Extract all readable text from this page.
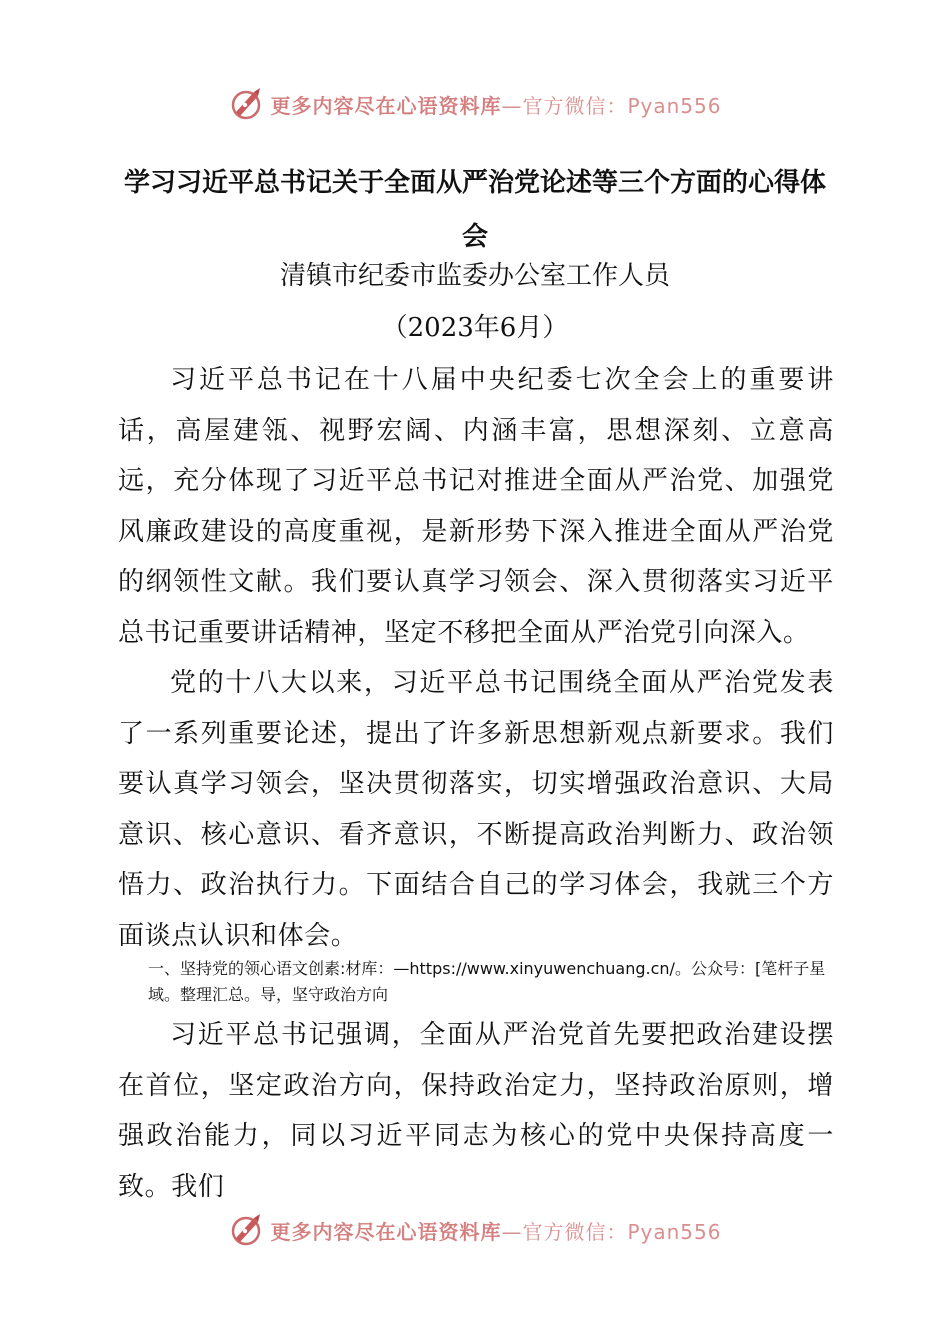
更多内容尽在心语资料库—官方微信：Pyan556
学习习近平总书记关于全面从严治党论述等三个方面的心得体会

清镇市纪委市监委办公室工作人员

（2023年6月）

习近平总书记在十八届中央纪委七次全会上的重要讲话，高屋建瓴、视野宏阔、内涵丰富，思想深刻、立意高远，充分体现了习近平总书记对推进全面从严治党、加强党风廉政建设的高度重视，是新形势下深入推进全面从严治党的纲领性文献。我们要认真学习领会、深入贯彻落实习近平总书记重要讲话精神，坚定不移把全面从严治党引向深入。

党的十八大以来，习近平总书记围绕全面从严治党发表了一系列重要论述，提出了许多新思想新观点新要求。我们要认真学习领会，坚决贯彻落实，切实增强政治意识、大局意识、核心意识、看齐意识，不断提高政治判断力、政治领悟力、政治执行力。下面结合自己的学习体会，我就三个方面谈点认识和体会。

一、坚持党的领心语文创素:材库：—https://www.xinyuwenchuang.cn/。公众号：[笔杆子星域。整理汇总。导，坚守政治方向

习近平总书记强调，全面从严治党首先要把政治建设摆在首位，坚定政治方向，保持政治定力，坚持政治原则，增强政治能力，同以习近平同志为核心的党中央保持高度一致。我们

更多内容尽在心语资料库—官方微信：Pyan556
